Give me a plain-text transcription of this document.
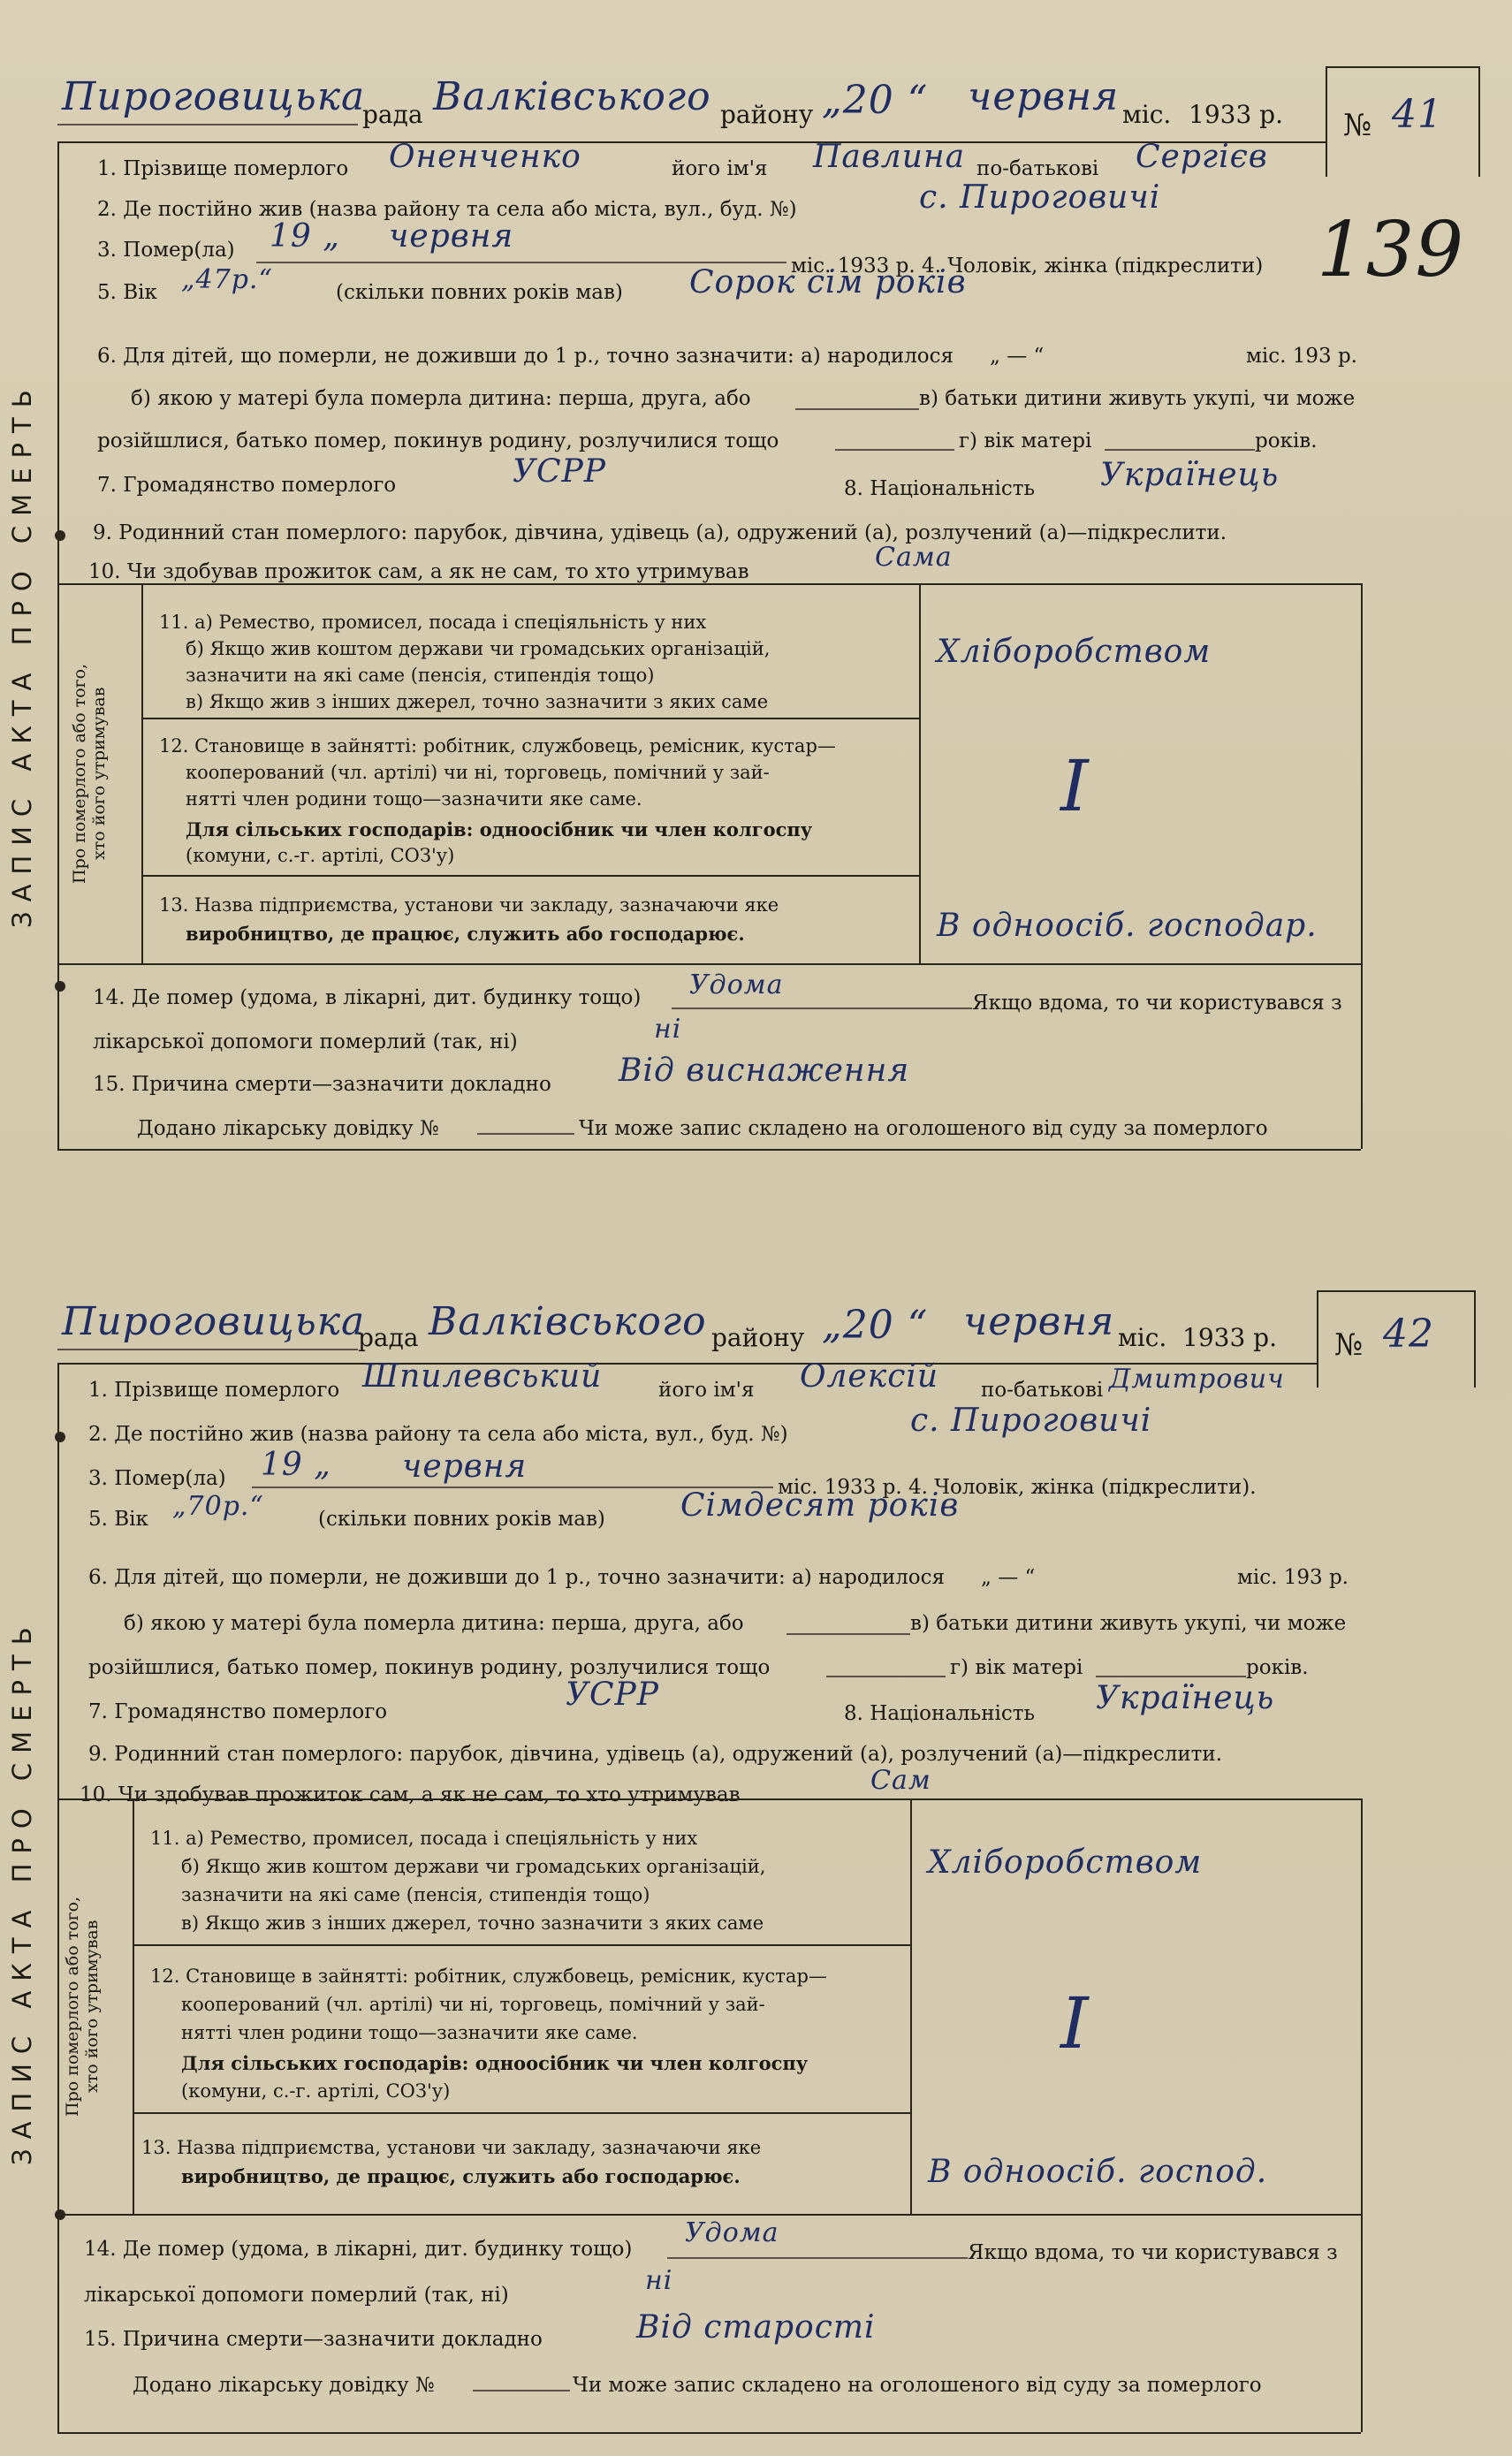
ЗАПИС АКТА ПРО СМЕРТЬ
Пироговицька
рада Валківського району „20 “ червня міс. 1933 р. № 41
139
1. Прізвище померлого Оненченко	його ім'я Павлина по-батькові Сергієв
2. Де постійно жив (назва району та села або міста, вул., буд. №)	с. Пироговичі
3. Помер(ла) 19 „ червня
міс. 1933 р. 4. Чоловік, жінка (підкреслити)
5. Вік „47р.“	(скільки повних років мав) Сорок сім років
6. Для дітей, що померли, не доживши до 1 р., точно зазначити: а) народилося „ — “	міс. 193 р.
б) якою у матері була померла дитина: перша, друга, або	в) батьки дитини живуть укупі, чи може
розійшлися, батько помер, покинув родину, розлучилися тощо	г) вік матері	років.
7. Громадянство померлого	УСРР	8. Національність Українець
9. Родинний стан померлого: парубок, дівчина, удівець (а), одружений (а), розлучений (а)—підкреслити.
10. Чи здобував прожиток сам, а як не сам, то хто утримував	Сама
Про померлого або того,
хто його утримував
11. а) Ремество, промисел, посада і спеціяльність у них
б) Якщо жив коштом держави чи громадських організацій,
зазначити на які саме (пенсія, стипендія тощо)
в) Якщо жив з інших джерел, точно зазначити з яких саме
Хліборобством
12. Становище в зайнятті: робітник, службовець, ремісник, кустар—
кооперований (чл. артілі) чи ні, торговець, помічний у зай-
нятті член родини тощо—зазначити яке саме.
Для сільських господарів: одноосібник чи член колгоспу
(комуни, с.-г. артілі, СОЗ'у)
I
13. Назва підприємства, установи чи закладу, зазначаючи яке
виробництво, де працює, служить або господарює.	В одноосіб. господар.
14. Де помер (удома, в лікарні, дит. будинку тощо) Удома
Якщо вдома, то чи користувався з
лікарської допомоги померлий (так, ні)	ні
15. Причина смерти—зазначити докладно Від виснаження
Додано лікарську довідку №	Чи може запис складено на оголошеного від суду за померлого
ЗАПИС АКТА ПРО СМЕРТЬ
Пироговицька
рада Валківського району „20 “ червня міс. 1933 р. № 42
1. Прізвище померлого Шпилевський	його ім'я Олексій по-батькові Дмитрович
2. Де постійно жив (назва району та села або міста, вул., буд. №)	с. Пироговичі
3. Помер(ла) 19 „ червня
міс. 1933 р. 4. Чоловік, жінка (підкреслити).
5. Вік „70р.“	(скільки повних років мав) Сімдесят років
6. Для дітей, що померли, не доживши до 1 р., точно зазначити: а) народилося „ — “	міс. 193 р.
б) якою у матері була померла дитина: перша, друга, або	в) батьки дитини живуть укупі, чи може
розійшлися, батько помер, покинув родину, розлучилися тощо	г) вік матері	років.
7. Громадянство померлого	УСРР
8. Національність Українець
9. Родинний стан померлого: парубок, дівчина, удівець (а), одружений (а), розлучений (а)—підкреслити.
10. Чи здобував прожиток сам, а як не сам, то хто утримував	Сам
Про померлого або того,
хто його утримував
11. а) Ремество, промисел, посада і спеціяльність у них
б) Якщо жив коштом держави чи громадських організацій,
зазначити на які саме (пенсія, стипендія тощо)
в) Якщо жив з інших джерел, точно зазначити з яких саме
Хліборобством
12. Становище в зайнятті: робітник, службовець, ремісник, кустар—
кооперований (чл. артілі) чи ні, торговець, помічний у зай-
нятті член родини тощо—зазначити яке саме.
Для сільських господарів: одноосібник чи член колгоспу
(комуни, с.-г. артілі, СОЗ'у)
I
13. Назва підприємства, установи чи закладу, зазначаючи яке
виробництво, де працює, служить або господарює.	В одноосіб. господ.
14. Де помер (удома, в лікарні, дит. будинку тощо)
Удома
Якщо вдома, то чи користувався з
лікарської допомоги померлий (так, ні)	ні
15. Причина смерти—зазначити докладно	Від старості
Додано лікарську довідку №	Чи може запис складено на оголошеного від суду за померлого
